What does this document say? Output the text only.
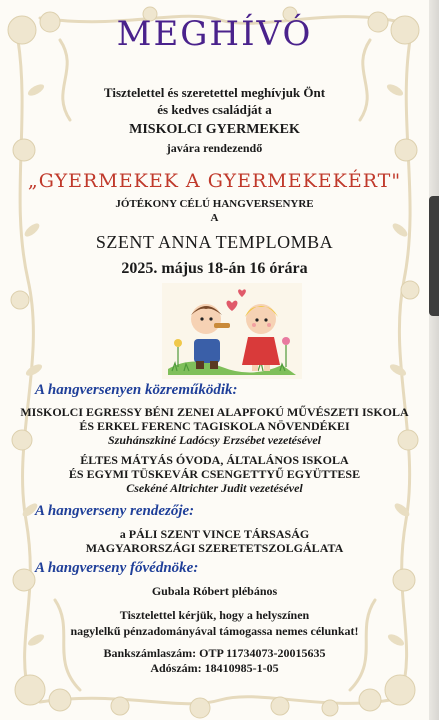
MEGHÍVÓ
Tisztelettel és szeretettel meghívjuk Önt
és kedves családját a
MISKOLCI GYERMEKEK
javára rendezendő
„GYERMEKEK A GYERMEKEKÉRT"
JÓTÉKONY CÉLÚ HANGVERSENYRE
A
SZENT ANNA TEMPLOMBA
2025. május 18-án 16 órára
A hangversenyen közreműködik:
MISKOLCI EGRESSY BÉNI ZENEI ALAPFOKÚ MŰVÉSZETI ISKOLA
ÉS ERKEL FERENC TAGISKOLA NÖVENDÉKEI
Szuhánszkiné Ladócsy Erzsébet vezetésével
ÉLTES MÁTYÁS ÓVODA, ÁLTALÁNOS ISKOLA
ÉS EGYMI TÜSKEVÁR CSENGETTYŰ EGYÜTTESE
Csekéné Altrichter Judit vezetésével
A hangverseny rendezője:
a PÁLI SZENT VINCE TÁRSASÁG
MAGYARORSZÁGI SZERETETSZOLGÁLATA
A hangverseny fővédnöke:
Gubala Róbert plébános
Tisztelettel kérjük, hogy a helyszínen
nagylelkű pénzadományával támogassa nemes célunkat!
Bankszámlaszám: OTP 11734073-20015635
Adószám: 18410985-1-05
